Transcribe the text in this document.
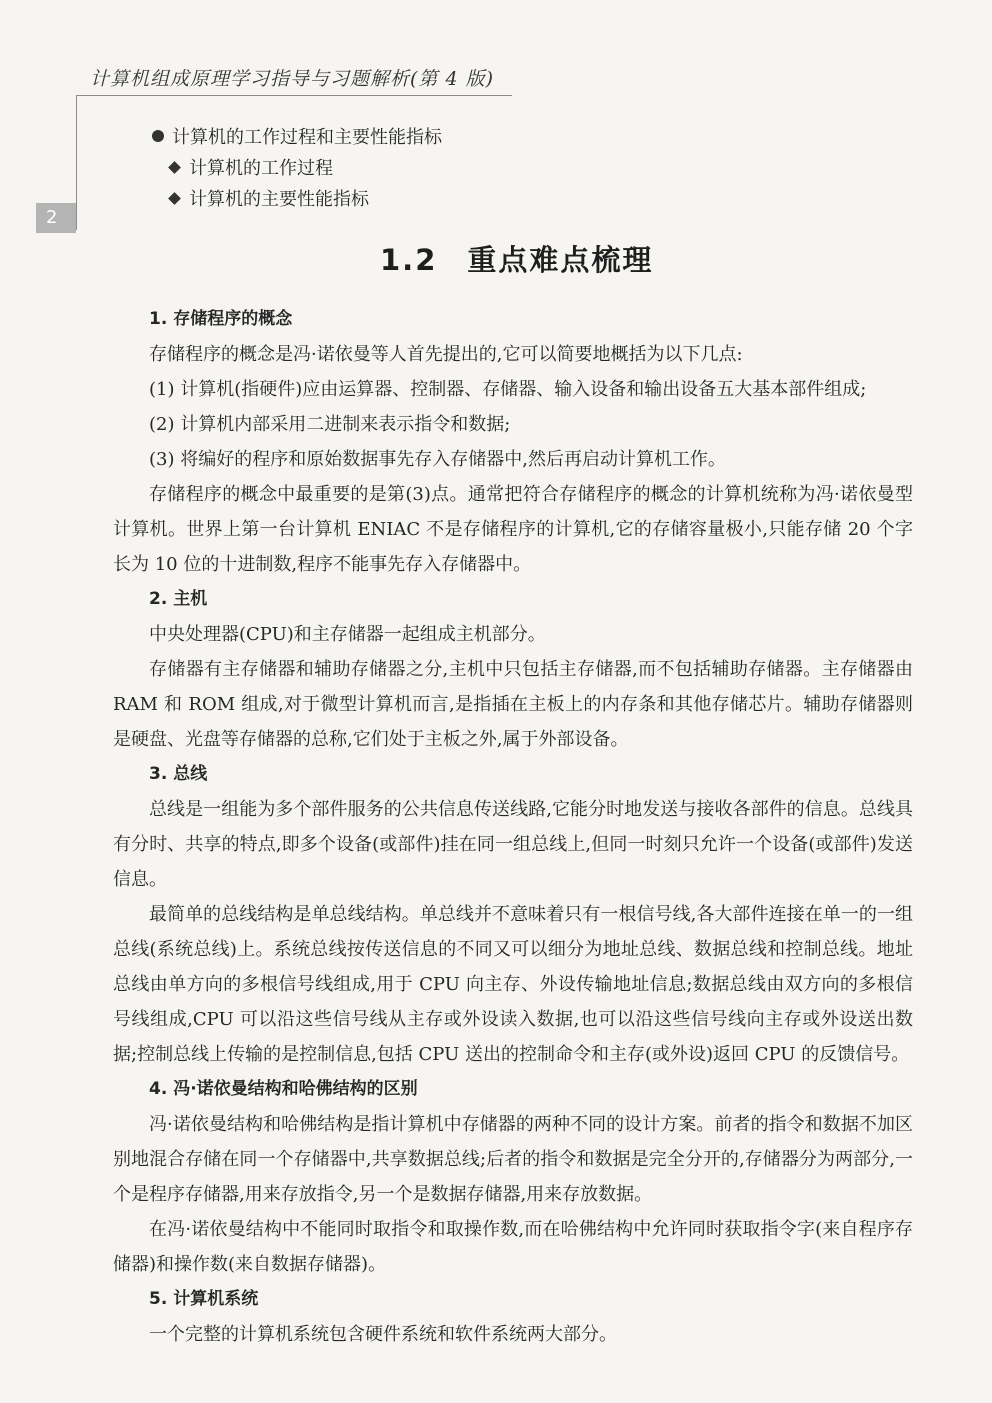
计算机组成原理学习指导与习题解析(第 4 版)
2
计算机的工作过程和主要性能指标
计算机的工作过程
计算机的主要性能指标
1.2 重点难点梳理
1. 存储程序的概念

存储程序的概念是冯·诺依曼等人首先提出的,它可以简要地概括为以下几点:

(1) 计算机(指硬件)应由运算器、控制器、存储器、输入设备和输出设备五大基本部件组成;

(2) 计算机内部采用二进制来表示指令和数据;

(3) 将编好的程序和原始数据事先存入存储器中,然后再启动计算机工作。

存储程序的概念中最重要的是第(3)点。通常把符合存储程序的概念的计算机统称为冯·诺依曼型计算机。世界上第一台计算机 ENIAC 不是存储程序的计算机,它的存储容量极小,只能存储 20 个字长为 10 位的十进制数,程序不能事先存入存储器中。

2. 主机

中央处理器(CPU)和主存储器一起组成主机部分。

存储器有主存储器和辅助存储器之分,主机中只包括主存储器,而不包括辅助存储器。主存储器由 RAM 和 ROM 组成,对于微型计算机而言,是指插在主板上的内存条和其他存储芯片。辅助存储器则是硬盘、光盘等存储器的总称,它们处于主板之外,属于外部设备。

3. 总线

总线是一组能为多个部件服务的公共信息传送线路,它能分时地发送与接收各部件的信息。总线具有分时、共享的特点,即多个设备(或部件)挂在同一组总线上,但同一时刻只允许一个设备(或部件)发送信息。

最简单的总线结构是单总线结构。单总线并不意味着只有一根信号线,各大部件连接在单一的一组总线(系统总线)上。系统总线按传送信息的不同又可以细分为地址总线、数据总线和控制总线。地址总线由单方向的多根信号线组成,用于 CPU 向主存、外设传输地址信息;数据总线由双方向的多根信号线组成,CPU 可以沿这些信号线从主存或外设读入数据,也可以沿这些信号线向主存或外设送出数据;控制总线上传输的是控制信息,包括 CPU 送出的控制命令和主存(或外设)返回 CPU 的反馈信号。

4. 冯·诺依曼结构和哈佛结构的区别

冯·诺依曼结构和哈佛结构是指计算机中存储器的两种不同的设计方案。前者的指令和数据不加区别地混合存储在同一个存储器中,共享数据总线;后者的指令和数据是完全分开的,存储器分为两部分,一个是程序存储器,用来存放指令,另一个是数据存储器,用来存放数据。

在冯·诺依曼结构中不能同时取指令和取操作数,而在哈佛结构中允许同时获取指令字(来自程序存储器)和操作数(来自数据存储器)。

5. 计算机系统

一个完整的计算机系统包含硬件系统和软件系统两大部分。
